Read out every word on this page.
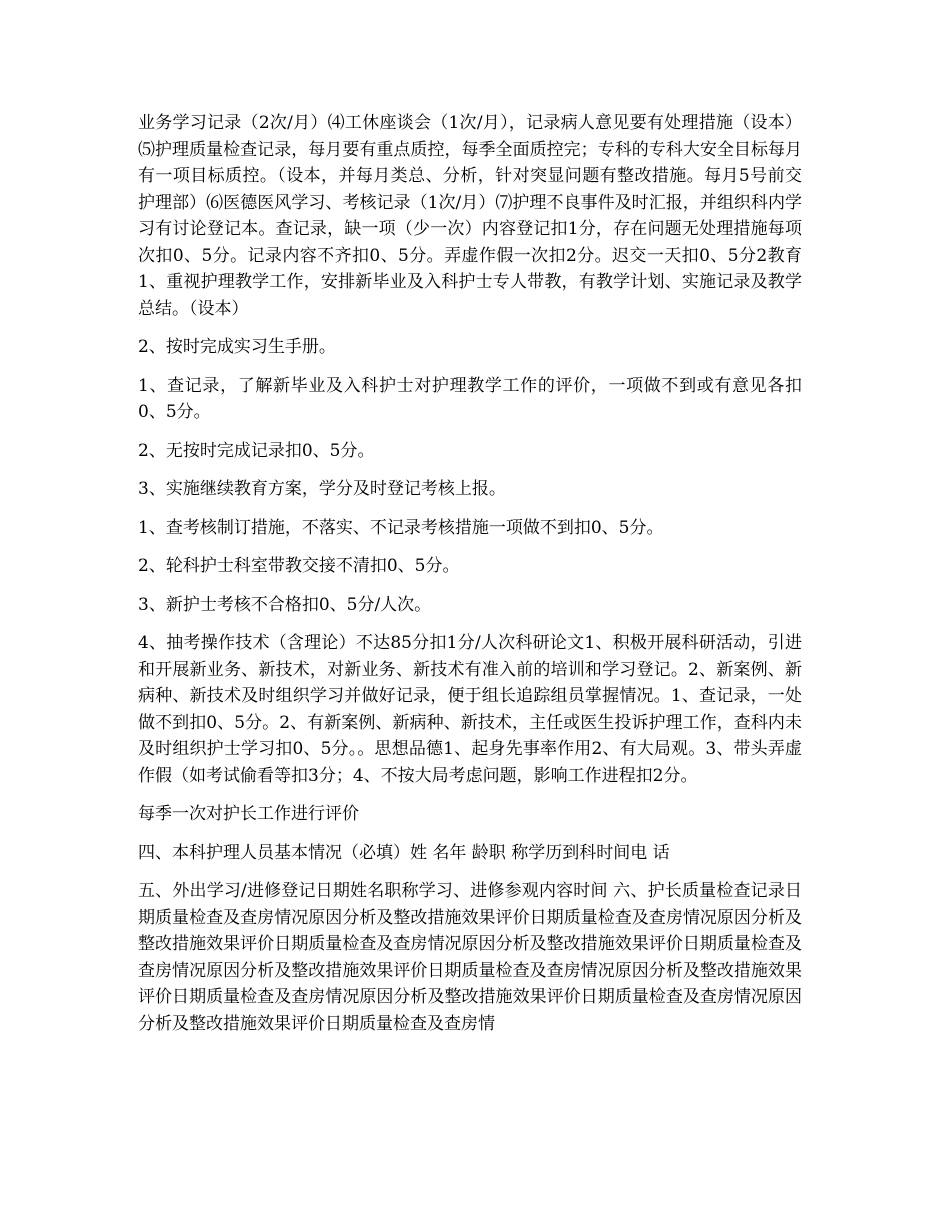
业务学习记录（2次/月）⑷工休座谈会（1次/月），记录病人意见要有处理措施（设本）⑸护理质量检查记录，每月要有重点质控，每季全面质控完；专科的专科大安全目标每月有一项目标质控。（设本，并每月类总、分析，针对突显问题有整改措施。每月5号前交护理部）⑹医德医风学习、考核记录（1次/月）⑺护理不良事件及时汇报，并组织科内学习有讨论登记本。查记录，缺一项（少一次）内容登记扣1分，存在问题无处理措施每项次扣0、5分。记录内容不齐扣0、5分。弄虚作假一次扣2分。迟交一天扣0、5分2教育1、重视护理教学工作，安排新毕业及入科护士专人带教，有教学计划、实施记录及教学总结。（设本）

2、按时完成实习生手册。

1、查记录，了解新毕业及入科护士对护理教学工作的评价，一项做不到或有意见各扣0、5分。

2、无按时完成记录扣0、5分。

3、实施继续教育方案，学分及时登记考核上报。

1、查考核制订措施，不落实、不记录考核措施一项做不到扣0、5分。

2、轮科护士科室带教交接不清扣0、5分。

3、新护士考核不合格扣0、5分/人次。

4、抽考操作技术（含理论）不达85分扣1分/人次科研论文1、积极开展科研活动，引进和开展新业务、新技术，对新业务、新技术有准入前的培训和学习登记。2、新案例、新病种、新技术及时组织学习并做好记录，便于组长追踪组员掌握情况。1、查记录，一处做不到扣0、5分。2、有新案例、新病种、新技术，主任或医生投诉护理工作，查科内未及时组织护士学习扣0、5分。。思想品德1、起身先事率作用2、有大局观。3、带头弄虚作假（如考试偷看等扣3分；4、不按大局考虑问题，影响工作进程扣2分。

每季一次对护长工作进行评价

四、本科护理人员基本情况（必填）姓 名年 龄职 称学历到科时间电 话

五、外出学习/进修登记日期姓名职称学习、进修参观内容时间 六、护长质量检查记录日期质量检查及查房情况原因分析及整改措施效果评价日期质量检查及查房情况原因分析及整改措施效果评价日期质量检查及查房情况原因分析及整改措施效果评价日期质量检查及查房情况原因分析及整改措施效果评价日期质量检查及查房情况原因分析及整改措施效果评价日期质量检查及查房情况原因分析及整改措施效果评价日期质量检查及查房情况原因分析及整改措施效果评价日期质量检查及查房情
